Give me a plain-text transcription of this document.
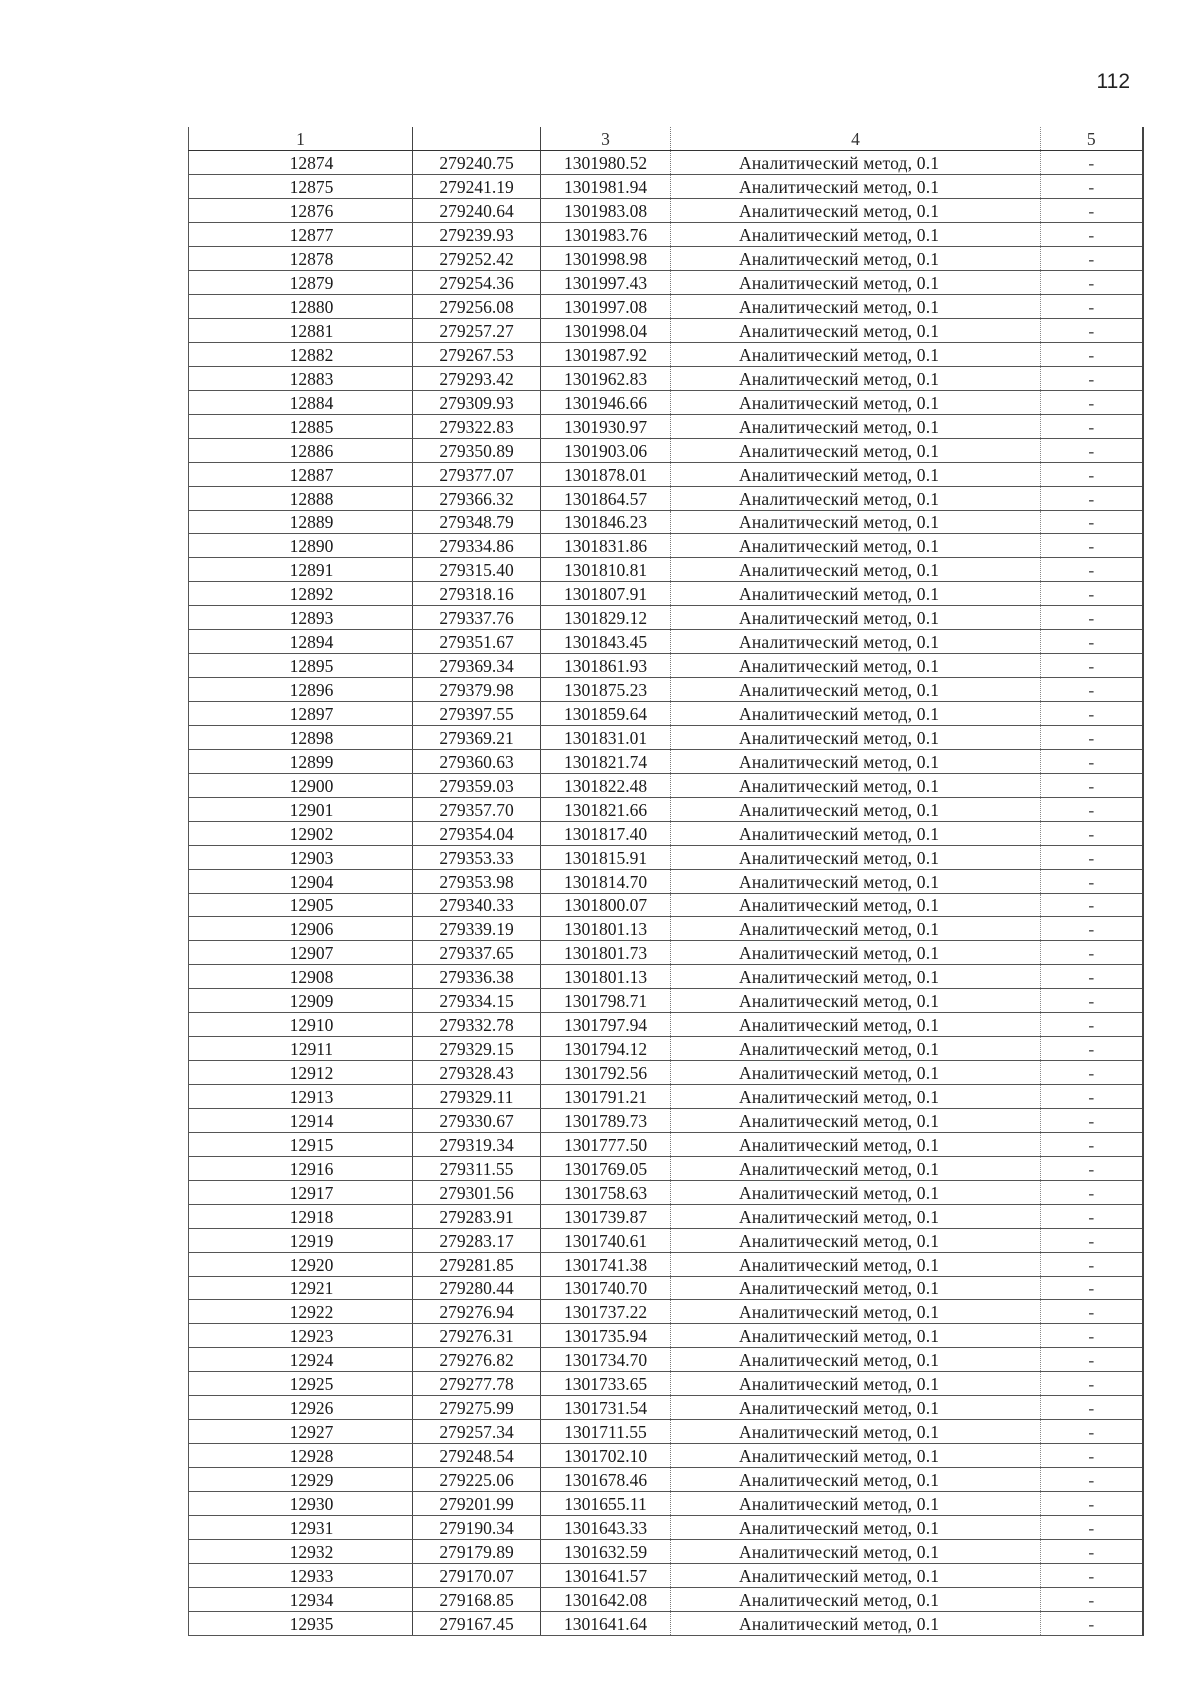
112
1		3	4	5
12874	279240.75	1301980.52	Аналитический метод, 0.1	-
12875	279241.19	1301981.94	Аналитический метод, 0.1	-
12876	279240.64	1301983.08	Аналитический метод, 0.1	-
12877	279239.93	1301983.76	Аналитический метод, 0.1	-
12878	279252.42	1301998.98	Аналитический метод, 0.1	-
12879	279254.36	1301997.43	Аналитический метод, 0.1	-
12880	279256.08	1301997.08	Аналитический метод, 0.1	-
12881	279257.27	1301998.04	Аналитический метод, 0.1	-
12882	279267.53	1301987.92	Аналитический метод, 0.1	-
12883	279293.42	1301962.83	Аналитический метод, 0.1	-
12884	279309.93	1301946.66	Аналитический метод, 0.1	-
12885	279322.83	1301930.97	Аналитический метод, 0.1	-
12886	279350.89	1301903.06	Аналитический метод, 0.1	-
12887	279377.07	1301878.01	Аналитический метод, 0.1	-
12888	279366.32	1301864.57	Аналитический метод, 0.1	-
12889	279348.79	1301846.23	Аналитический метод, 0.1	-
12890	279334.86	1301831.86	Аналитический метод, 0.1	-
12891	279315.40	1301810.81	Аналитический метод, 0.1	-
12892	279318.16	1301807.91	Аналитический метод, 0.1	-
12893	279337.76	1301829.12	Аналитический метод, 0.1	-
12894	279351.67	1301843.45	Аналитический метод, 0.1	-
12895	279369.34	1301861.93	Аналитический метод, 0.1	-
12896	279379.98	1301875.23	Аналитический метод, 0.1	-
12897	279397.55	1301859.64	Аналитический метод, 0.1	-
12898	279369.21	1301831.01	Аналитический метод, 0.1	-
12899	279360.63	1301821.74	Аналитический метод, 0.1	-
12900	279359.03	1301822.48	Аналитический метод, 0.1	-
12901	279357.70	1301821.66	Аналитический метод, 0.1	-
12902	279354.04	1301817.40	Аналитический метод, 0.1	-
12903	279353.33	1301815.91	Аналитический метод, 0.1	-
12904	279353.98	1301814.70	Аналитический метод, 0.1	-
12905	279340.33	1301800.07	Аналитический метод, 0.1	-
12906	279339.19	1301801.13	Аналитический метод, 0.1	-
12907	279337.65	1301801.73	Аналитический метод, 0.1	-
12908	279336.38	1301801.13	Аналитический метод, 0.1	-
12909	279334.15	1301798.71	Аналитический метод, 0.1	-
12910	279332.78	1301797.94	Аналитический метод, 0.1	-
12911	279329.15	1301794.12	Аналитический метод, 0.1	-
12912	279328.43	1301792.56	Аналитический метод, 0.1	-
12913	279329.11	1301791.21	Аналитический метод, 0.1	-
12914	279330.67	1301789.73	Аналитический метод, 0.1	-
12915	279319.34	1301777.50	Аналитический метод, 0.1	-
12916	279311.55	1301769.05	Аналитический метод, 0.1	-
12917	279301.56	1301758.63	Аналитический метод, 0.1	-
12918	279283.91	1301739.87	Аналитический метод, 0.1	-
12919	279283.17	1301740.61	Аналитический метод, 0.1	-
12920	279281.85	1301741.38	Аналитический метод, 0.1	-
12921	279280.44	1301740.70	Аналитический метод, 0.1	-
12922	279276.94	1301737.22	Аналитический метод, 0.1	-
12923	279276.31	1301735.94	Аналитический метод, 0.1	-
12924	279276.82	1301734.70	Аналитический метод, 0.1	-
12925	279277.78	1301733.65	Аналитический метод, 0.1	-
12926	279275.99	1301731.54	Аналитический метод, 0.1	-
12927	279257.34	1301711.55	Аналитический метод, 0.1	-
12928	279248.54	1301702.10	Аналитический метод, 0.1	-
12929	279225.06	1301678.46	Аналитический метод, 0.1	-
12930	279201.99	1301655.11	Аналитический метод, 0.1	-
12931	279190.34	1301643.33	Аналитический метод, 0.1	-
12932	279179.89	1301632.59	Аналитический метод, 0.1	-
12933	279170.07	1301641.57	Аналитический метод, 0.1	-
12934	279168.85	1301642.08	Аналитический метод, 0.1	-
12935	279167.45	1301641.64	Аналитический метод, 0.1	-
